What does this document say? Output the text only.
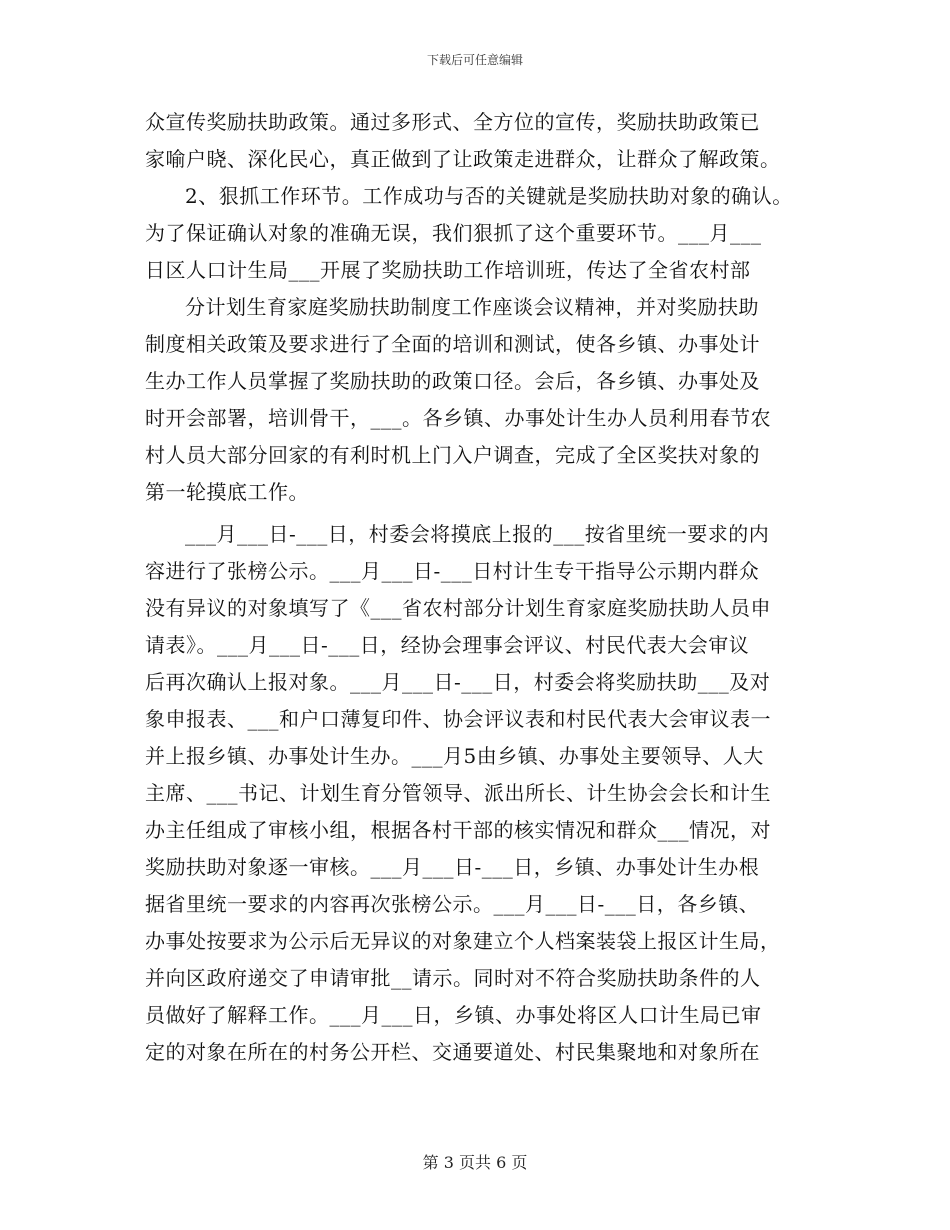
下载后可任意编辑
众宣传奖励扶助政策。通过多形式、全方位的宣传，奖励扶助政策已
家喻户晓、深化民心，真正做到了让政策走进群众，让群众了解政策。
2、狠抓工作环节。工作成功与否的关键就是奖励扶助对象的确认。
为了保证确认对象的准确无误，我们狠抓了这个重要环节。___月___
日区人口计生局___开展了奖励扶助工作培训班，传达了全省农村部
分计划生育家庭奖励扶助制度工作座谈会议精神，并对奖励扶助
制度相关政策及要求进行了全面的培训和测试，使各乡镇、办事处计
生办工作人员掌握了奖励扶助的政策口径。会后，各乡镇、办事处及
时开会部署，培训骨干，___。各乡镇、办事处计生办人员利用春节农
村人员大部分回家的有利时机上门入户调查，完成了全区奖扶对象的
第一轮摸底工作。
___月___日-___日，村委会将摸底上报的___按省里统一要求的内
容进行了张榜公示。___月___日-___日村计生专干指导公示期内群众
没有异议的对象填写了《___省农村部分计划生育家庭奖励扶助人员申
请表》。___月___日-___日，经协会理事会评议、村民代表大会审议
后再次确认上报对象。___月___日-___日，村委会将奖励扶助___及对
象申报表、___和户口薄复印件、协会评议表和村民代表大会审议表一
并上报乡镇、办事处计生办。___月5由乡镇、办事处主要领导、人大
主席、___书记、计划生育分管领导、派出所长、计生协会会长和计生
办主任组成了审核小组，根据各村干部的核实情况和群众___情况，对
奖励扶助对象逐一审核。___月___日-___日，乡镇、办事处计生办根
据省里统一要求的内容再次张榜公示。___月___日-___日，各乡镇、
办事处按要求为公示后无异议的对象建立个人档案装袋上报区计生局，
并向区政府递交了申请审批__请示。同时对不符合奖励扶助条件的人
员做好了解释工作。___月___日，乡镇、办事处将区人口计生局已审
定的对象在所在的村务公开栏、交通要道处、村民集聚地和对象所在
第 3 页共 6 页
